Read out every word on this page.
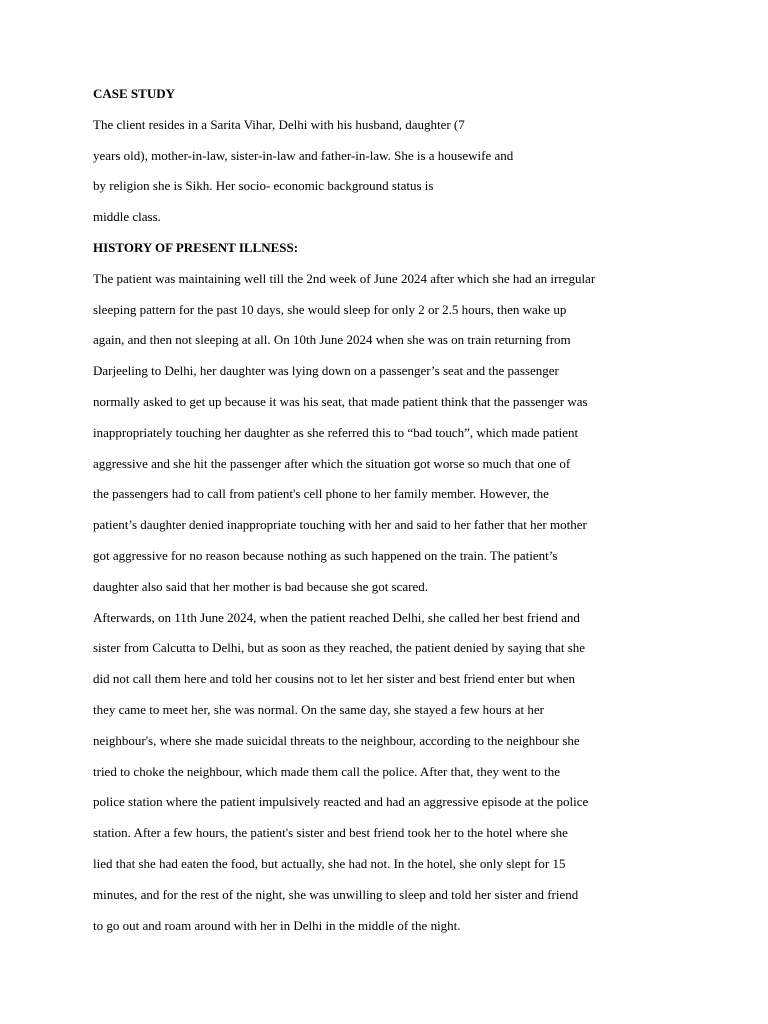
CASE STUDY
The client resides in a Sarita Vihar, Delhi with his husband, daughter (7
years old), mother-in-law, sister-in-law and father-in-law. She is a housewife and
by religion she is Sikh. Her socio- economic background status is
middle class.
HISTORY OF PRESENT ILLNESS:
The patient was maintaining well till the 2nd week of June 2024 after which she had an irregular
sleeping pattern for the past 10 days, she would sleep for only 2 or 2.5 hours, then wake up
again, and then not sleeping at all. On 10th June 2024 when she was on train returning from
Darjeeling to Delhi, her daughter was lying down on a passenger’s seat and the passenger
normally asked to get up because it was his seat, that made patient think that the passenger was
inappropriately touching her daughter as she referred this to “bad touch”, which made patient
aggressive and she hit the passenger after which the situation got worse so much that one of
the passengers had to call from patient's cell phone to her family member. However, the
patient’s daughter denied inappropriate touching with her and said to her father that her mother
got aggressive for no reason because nothing as such happened on the train. The patient’s
daughter also said that her mother is bad because she got scared.
Afterwards, on 11th June 2024, when the patient reached Delhi, she called her best friend and
sister from Calcutta to Delhi, but as soon as they reached, the patient denied by saying that she
did not call them here and told her cousins not to let her sister and best friend enter but when
they came to meet her, she was normal. On the same day, she stayed a few hours at her
neighbour's, where she made suicidal threats to the neighbour, according to the neighbour she
tried to choke the neighbour, which made them call the police. After that, they went to the
police station where the patient impulsively reacted and had an aggressive episode at the police
station. After a few hours, the patient's sister and best friend took her to the hotel where she
lied that she had eaten the food, but actually, she had not. In the hotel, she only slept for 15
minutes, and for the rest of the night, she was unwilling to sleep and told her sister and friend
to go out and roam around with her in Delhi in the middle of the night.
